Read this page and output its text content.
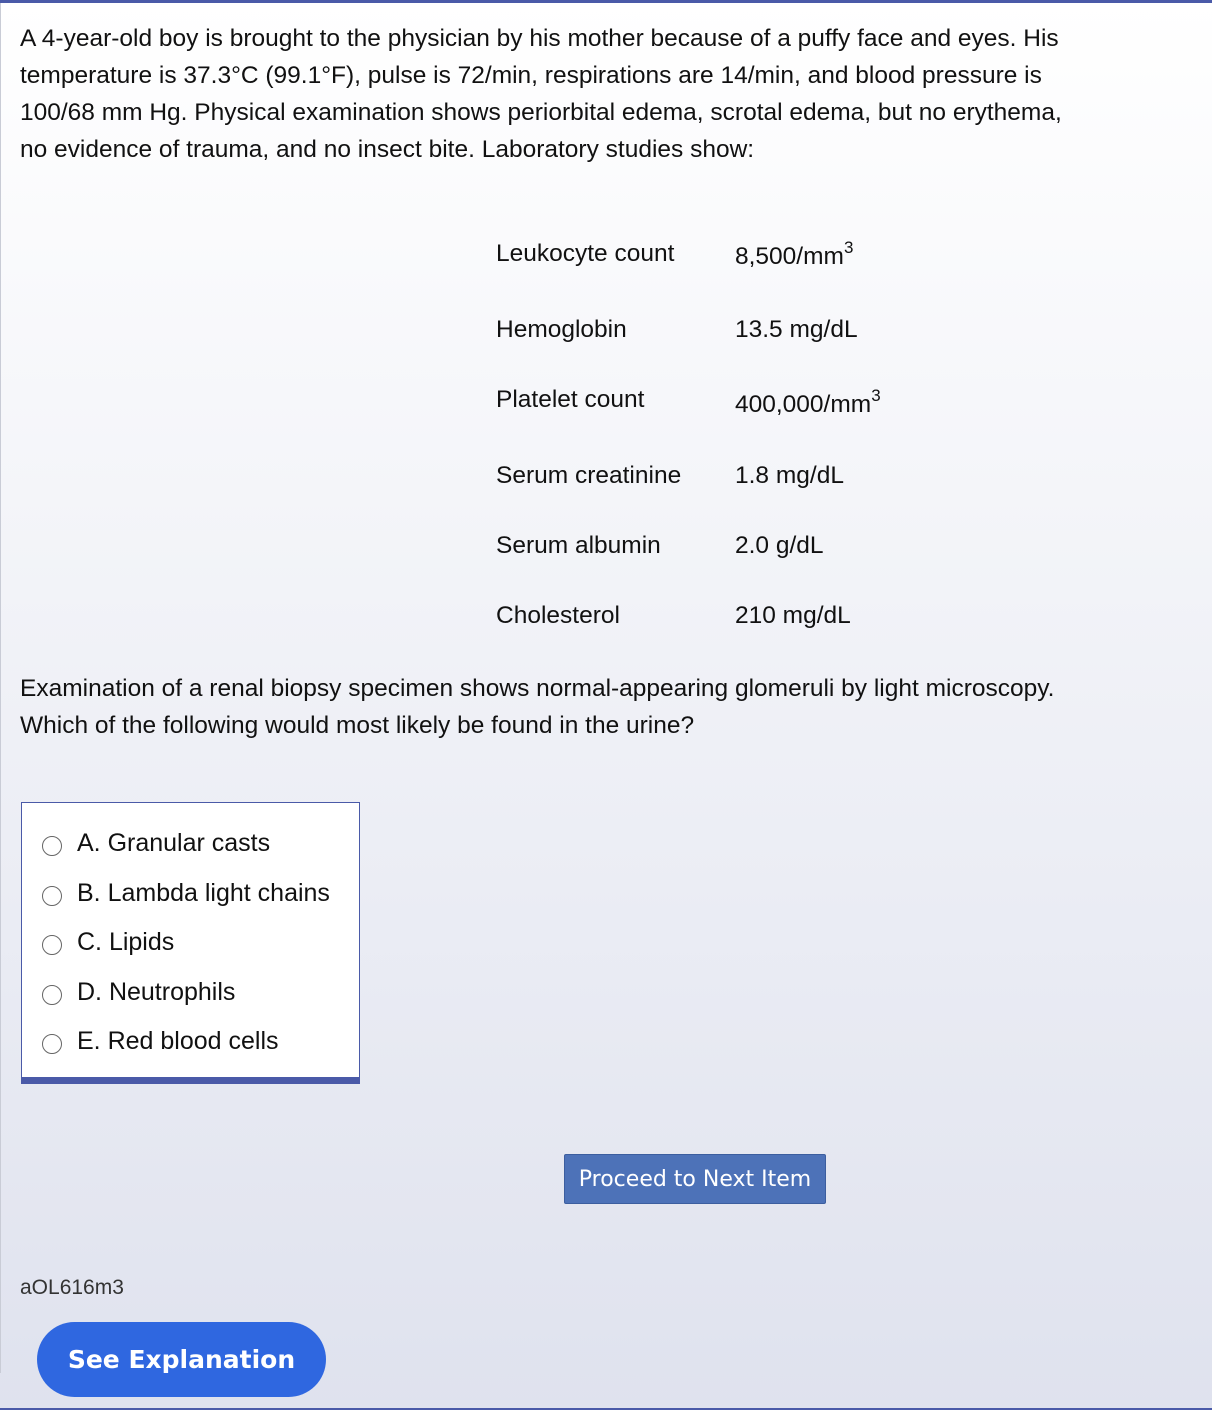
A 4-year-old boy is brought to the physician by his mother because of a puffy face and eyes. His temperature is 37.3°C (99.1°F), pulse is 72/min, respirations are 14/min, and blood pressure is 100/68 mm Hg. Physical examination shows periorbital edema, scrotal edema, but no erythema, no evidence of trauma, and no insect bite. Laboratory studies show:

Leukocyte count $8,500/mm^3$
Hemoglobin	13.5 mg/dL
Platelet count	$400,000/mm^3$
Serum creatinine 1.8 mg/dL
Serum albumin	2.0 g/dL
Cholesterol	210 mg/dL

Examination of a renal biopsy specimen shows normal-appearing glomeruli by light microscopy. Which of the following would most likely be found in the urine?

A. Granular casts
B. Lambda light chains
C. Lipids
D. Neutrophils
E. Red blood cells
Proceed to Next Item
aOL616m3
See Explanation
